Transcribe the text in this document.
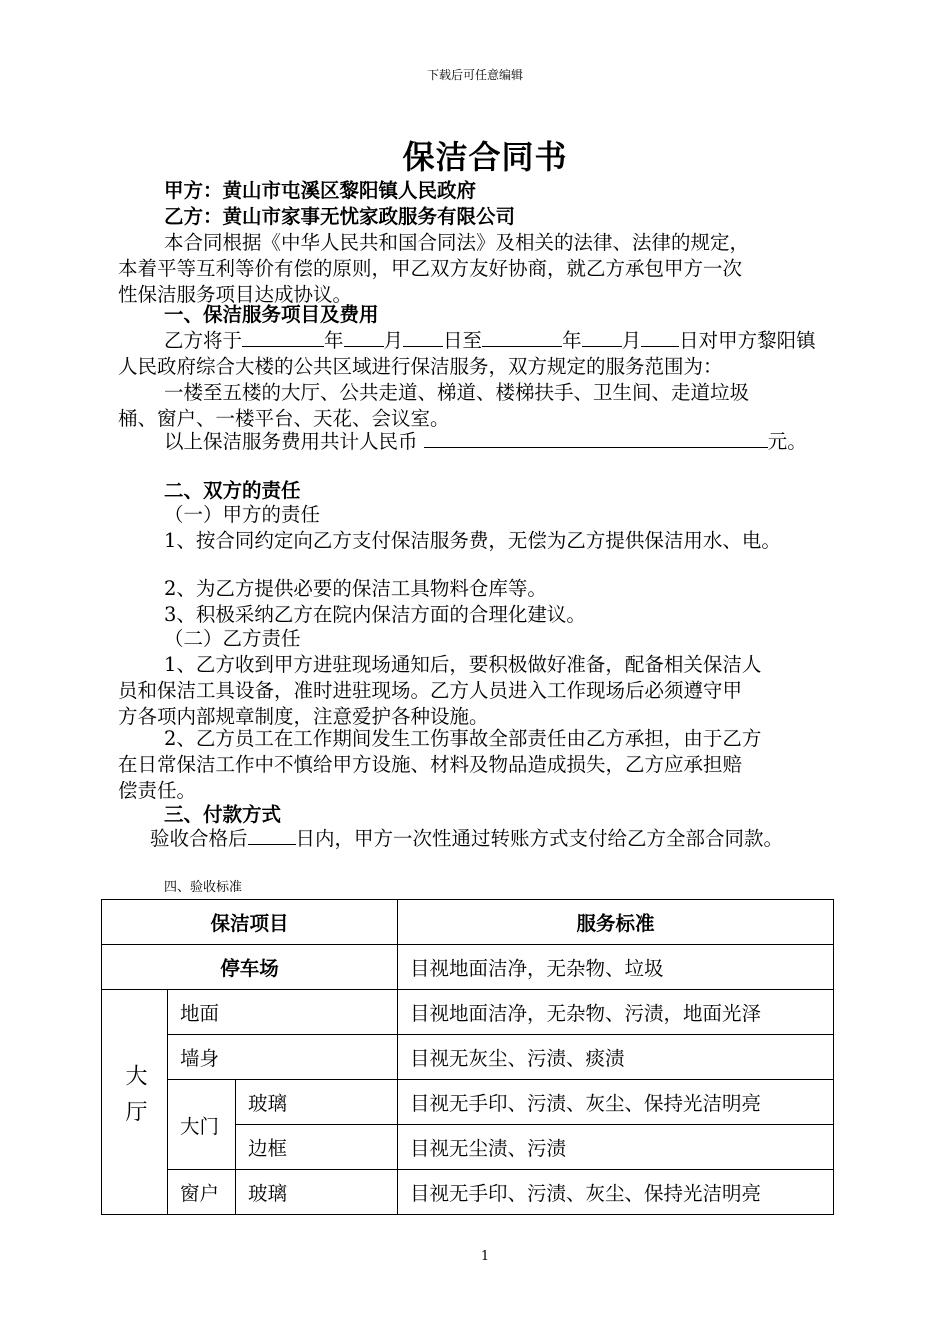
下载后可任意编辑
保洁合同书
甲方：黄山市屯溪区黎阳镇人民政府
乙方：黄山市家事无忧家政服务有限公司
本合同根据《中华人民共和国合同法》及相关的法律、法律的规定，
本着平等互利等价有偿的原则，甲乙双方友好协商，就乙方承包甲方一次
性保洁服务项目达成协议。
一、保洁服务项目及费用
乙方将于	年 月 日至	年 月 日对甲方黎阳镇
人民政府综合大楼的公共区域进行保洁服务，双方规定的服务范围为：
一楼至五楼的大厅、公共走道、梯道、楼梯扶手、卫生间、走道垃圾
桶、窗户、一楼平台、天花、会议室。
以上保洁服务费用共计人民币	元。
二、双方的责任
（一）甲方的责任
1、按合同约定向乙方支付保洁服务费，无偿为乙方提供保洁用水、电。
2、为乙方提供必要的保洁工具物料仓库等。
3、积极采纳乙方在院内保洁方面的合理化建议。
（二）乙方责任
1、乙方收到甲方进驻现场通知后，要积极做好准备，配备相关保洁人
员和保洁工具设备，准时进驻现场。乙方人员进入工作现场后必须遵守甲
方各项内部规章制度，注意爱护各种设施。
2、乙方员工在工作期间发生工伤事故全部责任由乙方承担，由于乙方
在日常保洁工作中不慎给甲方设施、材料及物品造成损失，乙方应承担赔
偿责任。
三、付款方式
验收合格后 日内，甲方一次性通过转账方式支付给乙方全部合同款。
四、验收标准
保洁项目			服务标准
停车场			目视地面洁净，无杂物、垃圾
大厅	地面		目视地面洁净，无杂物、污渍，地面光泽
	墙身		目视无灰尘、污渍、痰渍
	大门	玻璃	目视无手印、污渍、灰尘、保持光洁明亮
		边框	目视无尘渍、污渍
	窗户	玻璃	目视无手印、污渍、灰尘、保持光洁明亮
1
